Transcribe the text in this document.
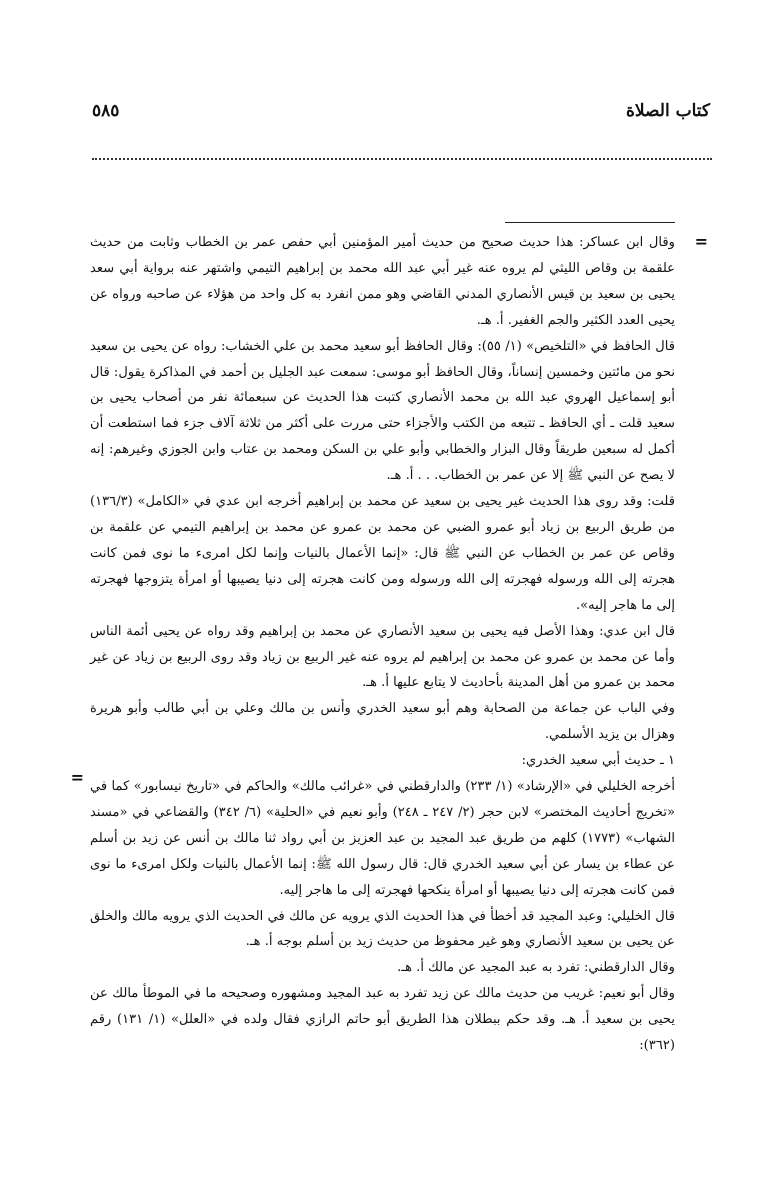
كتاب الصلاة
٥٨٥
=
=

وقال ابن عساكر: هذا حديث صحيح من حديث أمير المؤمنين أبي حفص عمر بن الخطاب وثابت من حديث علقمة بن وقاص الليثي لم يروه عنه غير أبي عبد الله محمد بن إبراهيم التيمي واشتهر عنه برواية أبي سعد يحيى بن سعيد بن قيس الأنصاري المدني القاضي وهو ممن انفرد به كل واحد من هؤلاء عن صاحبه ورواه عن يحيى العدد الكثير والجم الغفير. أ. هـ.

قال الحافظ في «التلخيص» (١/ ٥٥): وقال الحافظ أبو سعيد محمد بن علي الخشاب: رواه عن يحيى بن سعيد نحو من مائتين وخمسين إنساناً، وقال الحافظ أبو موسى: سمعت عبد الجليل بن أحمد في المذاكرة يقول: قال أبو إسماعيل الهروي عبد الله بن محمد الأنصاري كتبت هذا الحديث عن سبعمائة نفر من أصحاب يحيى بن سعيد قلت ـ أي الحافظ ـ تتبعه من الكتب والأجزاء حتى مررت على أكثر من ثلاثة آلاف جزء فما استطعت أن أكمل له سبعين طريقاً وقال البزار والخطابي وأبو علي بن السكن ومحمد بن عتاب وابن الجوزي وغيرهم: إنه لا يصح عن النبي ﷺ إلا عن عمر بن الخطاب. . . أ. هـ.

قلت: وقد روى هذا الحديث غير يحيى بن سعيد عن محمد بن إبراهيم أخرجه ابن عدي في «الكامل» (١٣٦/٣) من طريق الربيع بن زياد أبو عمرو الضبي عن محمد بن عمرو عن محمد بن إبراهيم التيمي عن علقمة بن وقاص عن عمر بن الخطاب عن النبي ﷺ قال: «إنما الأعمال بالنيات وإنما لكل امرىء ما نوى فمن كانت هجرته إلى الله ورسوله فهجرته إلى الله ورسوله ومن كانت هجرته إلى دنيا يصيبها أو امرأة يتزوجها فهجرته إلى ما هاجر إليه».

قال ابن عدي: وهذا الأصل فيه يحيى بن سعيد الأنصاري عن محمد بن إبراهيم وقد رواه عن يحيى أئمة الناس وأما عن محمد بن عمرو عن محمد بن إبراهيم لم يروه عنه غير الربيع بن زياد وقد روى الربيع بن زياد عن غير محمد بن عمرو من أهل المدينة بأحاديث لا يتابع عليها أ. هـ.

وفي الباب عن جماعة من الصحابة وهم أبو سعيد الخدري وأنس بن مالك وعلي بن أبي طالب وأبو هريرة وهزال بن يزيد الأسلمي.

١ ـ حديث أبي سعيد الخدري:

أخرجه الخليلي في «الإرشاد» (١/ ٢٣٣) والدارقطني في «غرائب مالك» والحاكم في «تاريخ نيسابور» كما في «تخريج أحاديث المختصر» لابن حجر (٢/ ٢٤٧ ـ ٢٤٨) وأبو نعيم في «الحلية» (٦/ ٣٤٢) والقضاعي في «مسند الشهاب» (١٧٧٣) كلهم من طريق عبد المجيد بن عبد العزيز بن أبي رواد ثنا مالك بن أنس عن زيد بن أسلم عن عطاء بن يسار عن أبي سعيد الخدري قال: قال رسول الله ﷺ: إنما الأعمال بالنيات ولكل امرىء ما نوى فمن كانت هجرته إلى دنيا يصيبها أو امرأة ينكحها فهجرته إلى ما هاجر إليه.

قال الخليلي: وعبد المجيد قد أخطأ في هذا الحديث الذي يرويه عن مالك في الحديث الذي يرويه مالك والخلق عن يحيى بن سعيد الأنصاري وهو غير محفوظ من حديث زيد بن أسلم بوجه أ. هـ.

وقال الدارقطني: تفرد به عبد المجيد عن مالك أ. هـ.

وقال أبو نعيم: غريب من حديث مالك عن زيد تفرد به عبد المجيد ومشهوره وصحيحه ما في الموطأ مالك عن يحيى بن سعيد أ. هـ. وقد حكم ببطلان هذا الطريق أبو حاتم الرازي فقال ولده في «العلل» (١/ ١٣١) رقم (٣٦٢):
